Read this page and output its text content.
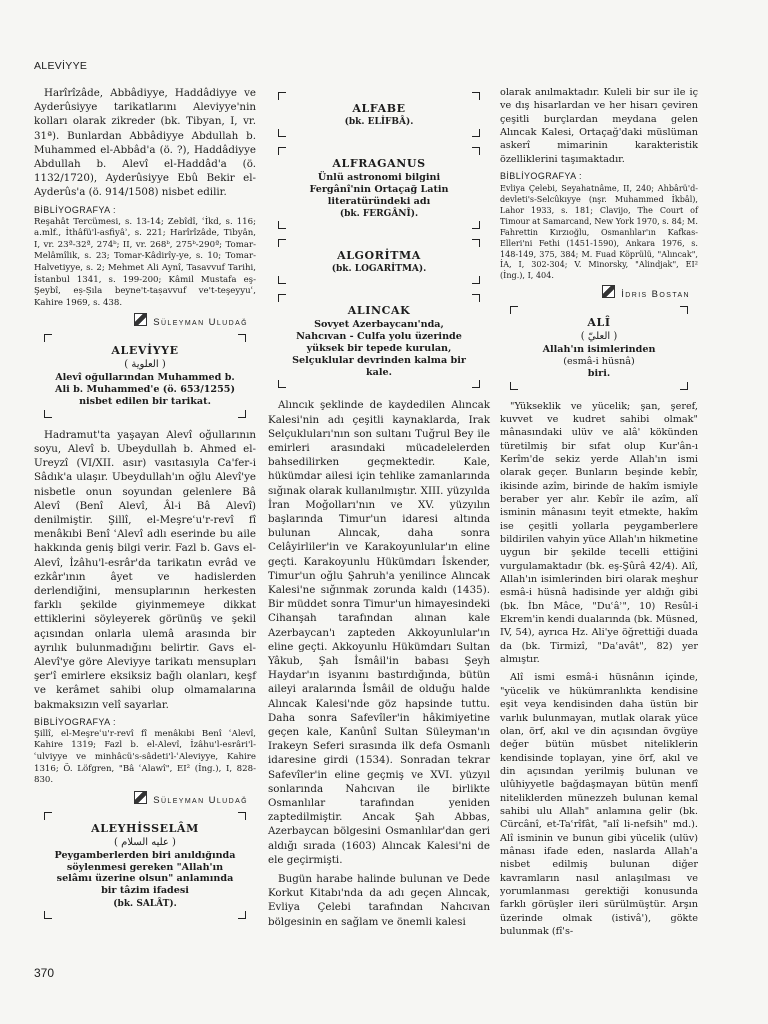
ALEVİYYE

Harîrîzâde, Abbâdiyye, Haddâdiyye ve Ayderûsiyye tarikatlarını Aleviyye'nin kolları olarak zikreder (bk. Tibyan, I, vr. 31ª). Bunlardan Abbâdiyye Abdullah b. Muhammed el-Abbâd'a (ö. ?), Haddâdiyye Abdullah b. Alevî el-Haddâd'a (ö. 1132/1720), Ayderûsiyye Ebû Bekir el-Ayderûs'a (ö. 914/1508) nisbet edilir.

BİBLİYOGRAFYA :

Reşahât Tercümesi, s. 13-14; Zebîdî, ʿİkd, s. 116; a.mlf., İthâfü'l-asfiyâʾ, s. 221; Harîrîzâde, Tibyân, I, vr. 23ª-32ª, 274ᵇ; II, vr. 268ᵇ, 275ᵇ-290ª; Tomar-Melâmîlik, s. 23; Tomar-Kâdirîy-ye, s. 10; Tomar-Halvetiyye, s. 2; Mehmet Ali Aynî, Tasavvuf Tarihi, İstanbul 1341, s. 199-200; Kâmil Mustafa eş-Şeybî, eṣ-Ṣıla beyne't-taṣavvuf ve't-teşeyyuʿ, Kahire 1969, s. 438.

Süleyman Uludağ
ALEVİYYE
( العلوية )

Alevî oğullarından Muhammed b. Ali b. Muhammed'e (ö. 653/1255) nisbet edilen bir tarikat.

Hadramut'ta yaşayan Alevî oğullarının soyu, Alevî b. Ubeydullah b. Ahmed el-Ureyzî (VI/XII. asır) vasıtasıyla Ca'fer-i Sâdık'a ulaşır. Ubeydullah'ın oğlu Alevî'ye nisbetle onun soyundan gelenlere Bâ Alevî (Benî Alevî, Âl-i Bâ Alevî) denilmiştir. Şillî, el-Meşreʿu'r-revî fî menâkıbi Benî ʿAlevî adlı eserinde bu aile hakkında geniş bilgi verir. Fazl b. Gavs el-Alevî, İzâhu'l-esrâr'da tarikatın evrâd ve ezkâr'ının âyet ve hadislerden derlendiğini, mensuplarının herkesten farklı şekilde giyinmemeye dikkat ettiklerini söyleyerek görünüş ve şekil açısından onlarla ulemâ arasında bir ayrılık bulunmadığını belirtir. Gavs el-Alevî'ye göre Aleviyye tarikatı mensupları şer'î emirlere eksiksiz bağlı olanları, keşf ve kerâmet sahibi olup olmamalarına bakmaksızın velî sayarlar.

BİBLİYOGRAFYA :

Şillî, el-Meşreʿu'r-revî fî menâkıbi Benî ʿAlevî, Kahire 1319; Fazl b. el-Alevî, İzâhu'l-esrâri'l-ʿulviyye ve minhâcü's-sâdeti'l-ʿAleviyye, Kahire 1316; Ö. Löfgren, "Bâ ʿAlawî", EI² (İng.), I, 828-830.

Süleyman Uludağ
ALEYHİSSELÂM
( عليه السلام )

Peygamberlerden biri anıldığında söylenmesi gereken "Allah'ın selâmı üzerine olsun" anlamında bir tâzim ifadesi

(bk. SALÂT).

ALFABE

(bk. ELİFBÂ).

ALFRAGANUS

Ünlü astronomi bilgini Fergânî'nin Ortaçağ Latin literatüründeki adı

(bk. FERGÂNÎ).

ALGORİTMA

(bk. LOGARİTMA).

ALINCAK

Sovyet Azerbaycanı'nda, Nahcıvan - Culfa yolu üzerinde yüksek bir tepede kurulan, Selçuklular devrinden kalma bir kale.

Alıncık şeklinde de kaydedilen Alıncak Kalesi'nin adı çeşitli kaynaklarda, Irak Selçukluları'nın son sultanı Tuğrul Bey ile emirleri arasındaki mücadelelerden bahsedilirken geçmektedir. Kale, hükümdar ailesi için tehlike zamanlarında sığınak olarak kullanılmıştır. XIII. yüzyılda İran Moğolları'nın ve XV. yüzyılın başlarında Timur'un idaresi altında bulunan Alıncak, daha sonra Celâyirliler'in ve Karakoyunlular'ın eline geçti. Karakoyunlu Hükümdarı İskender, Timur'un oğlu Şahruh'a yenilince Alıncak Kalesi'ne sığınmak zorunda kaldı (1435). Bir müddet sonra Timur'un himayesindeki Cihanşah tarafından alınan kale Azerbaycan'ı zapteden Akkoyunlular'ın eline geçti. Akkoyunlu Hükümdarı Sultan Yâkub, Şah İsmâil'in babası Şeyh Haydar'ın isyanını bastırdığında, bütün aileyi aralarında İsmâil de olduğu halde Alıncak Kalesi'nde göz hapsinde tuttu. Daha sonra Safevîler'in hâkimiyetine geçen kale, Kanûnî Sultan Süleyman'ın Irakeyn Seferi sırasında ilk defa Osmanlı idaresine girdi (1534). Sonradan tekrar Safevîler'in eline geçmiş ve XVI. yüzyıl sonlarında Nahcıvan ile birlikte Osmanlılar tarafından yeniden zaptedilmiştir. Ancak Şah Abbas, Azerbaycan bölgesini Osmanlılar'dan geri aldığı sırada (1603) Alıncak Kalesi'ni de ele geçirmişti.

Bugün harabe halinde bulunan ve Dede Korkut Kitabı'nda da adı geçen Alıncak, Evliya Çelebi tarafından Nahcıvan bölgesinin en sağlam ve önemli kalesi

olarak anılmaktadır. Kuleli bir sur ile iç ve dış hisarlardan ve her hisarı çeviren çeşitli burçlardan meydana gelen Alıncak Kalesi, Ortaçağ'daki müslüman askerî mimarinin karakteristik özelliklerini taşımaktadır.

BİBLİYOGRAFYA :

Evliya Çelebi, Seyahatnâme, II, 240; Ahbârü'd-devleti's-Selcûkıyye (nşr. Muhammed İkbâl), Lahor 1933, s. 181; Clavijo, The Court of Timour at Samarcand, New York 1970, s. 84; M. Fahrettin Kırzıoğlu, Osmanlılar'ın Kafkas-Elleri'ni Fethi (1451-1590), Ankara 1976, s. 148-149, 375, 384; M. Fuad Köprülü, "Alıncak", İA, I, 302-304; V. Minorsky, "Alindjak", EI² (İng.), I, 404.

İdris Bostan
ALÎ
( العليّ )

Allah'ın isimlerinden

(esmâ-i hüsnâ)

biri.

"Yükseklik ve yücelik; şan, şeref, kuvvet ve kudret sahibi olmak" mânasındaki ulüv ve alâ' kökünden türetilmiş bir sıfat olup Kur'ân-ı Kerîm'de sekiz yerde Allah'ın ismi olarak geçer. Bunların beşinde kebîr, ikisinde azîm, birinde de hakîm ismiyle beraber yer alır. Kebîr ile azîm, alî isminin mânasını teyit etmekte, hakîm ise çeşitli yollarla peygamberlere bildirilen vahyin yüce Allah'ın hikmetine uygun bir şekilde tecelli ettiğini vurgulamaktadır (bk. eş-Şûrâ 42/4). Alî, Allah'ın isimlerinden biri olarak meşhur esmâ-i hüsnâ hadisinde yer aldığı gibi (bk. İbn Mâce, "Duʿâʾ", 10) Resûl-i Ekrem'in kendi dualarında (bk. Müsned, IV, 54), ayrıca Hz. Ali'ye öğrettiği duada da (bk. Tirmizî, "Daʿavât", 82) yer almıştır.

Alî ismi esmâ-i hüsnânın içinde, "yücelik ve hükümranlıkta kendisine eşit veya kendisinden daha üstün bir varlık bulunmayan, mutlak olarak yüce olan, örf, akıl ve din açısından övgüye değer bütün müsbet niteliklerin kendisinde toplayan, yine örf, akıl ve din açısından yerilmiş bulunan ve ulûhiyyetle bağdaşmayan bütün menfî niteliklerden münezzeh bulunan kemal sahibi ulu Allah" anlamına gelir (bk. Cürcânî, et-Taʿrîfât, "alî li-nefsih" md.). Alî isminin ve bunun gibi yücelik (ulüv) mânası ifade eden, naslarda Allah'a nisbet edilmiş bulunan diğer kavramların nasıl anlaşılması ve yorumlanması gerektiği konusunda farklı görüşler ileri sürülmüştür. Arşın üzerinde olmak (istivâ'), gökte bulunmak (fî's-

370
